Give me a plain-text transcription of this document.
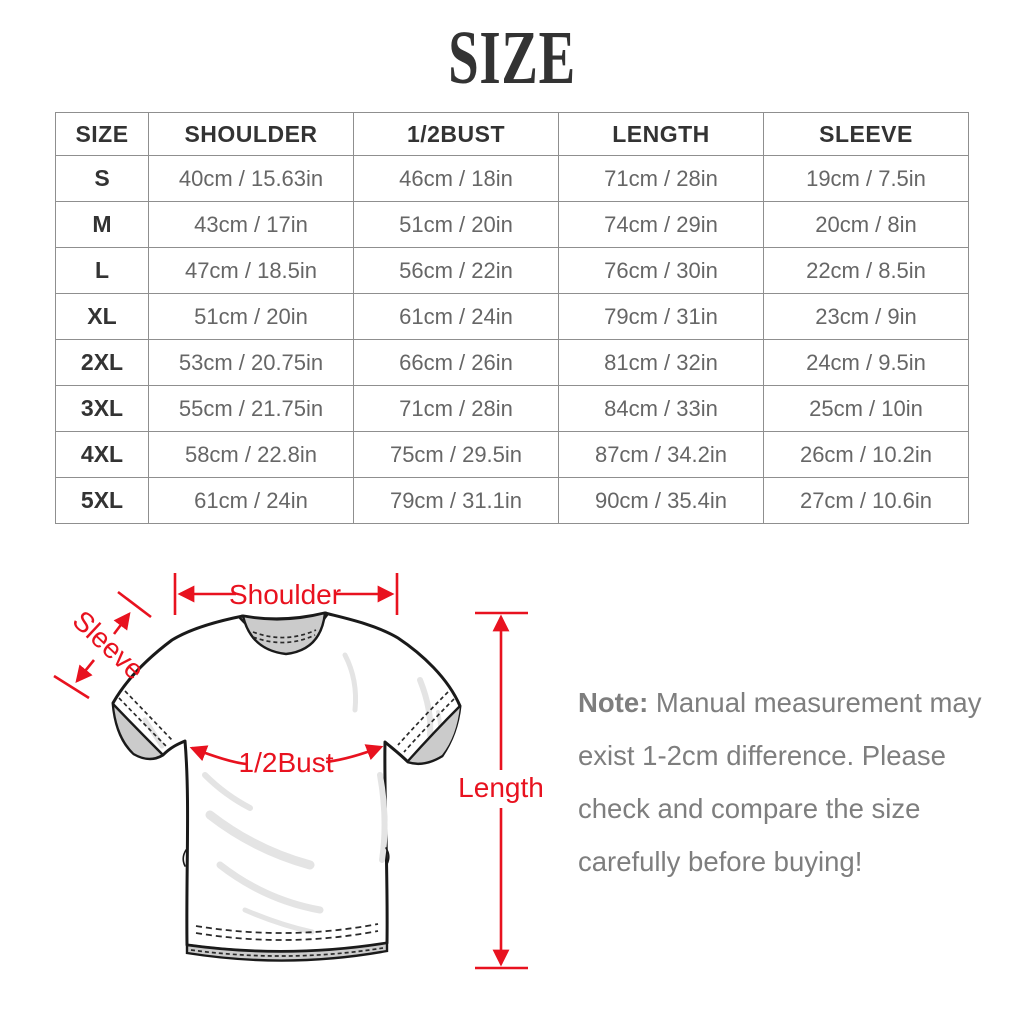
SIZE
SIZE	SHOULDER	1/2BUST	LENGTH	SLEEVE
S	40cm / 15.63in	46cm / 18in	71cm / 28in	19cm / 7.5in
M	43cm / 17in	51cm / 20in	74cm / 29in	20cm / 8in
L	47cm / 18.5in	56cm / 22in	76cm / 30in	22cm / 8.5in
XL	51cm / 20in	61cm / 24in	79cm / 31in	23cm / 9in
2XL	53cm / 20.75in	66cm / 26in	81cm / 32in	24cm / 9.5in
3XL	55cm / 21.75in	71cm / 28in	84cm / 33in	25cm / 10in
4XL	58cm / 22.8in	75cm / 29.5in	87cm / 34.2in	26cm / 10.2in
5XL	61cm / 24in	79cm / 31.1in	90cm / 35.4in	27cm / 10.6in
Shoulder
Sleeve
1/2Bust
Length

Note: Manual measurement may

exist 1-2cm difference. Please

check and compare the size

carefully before buying!
